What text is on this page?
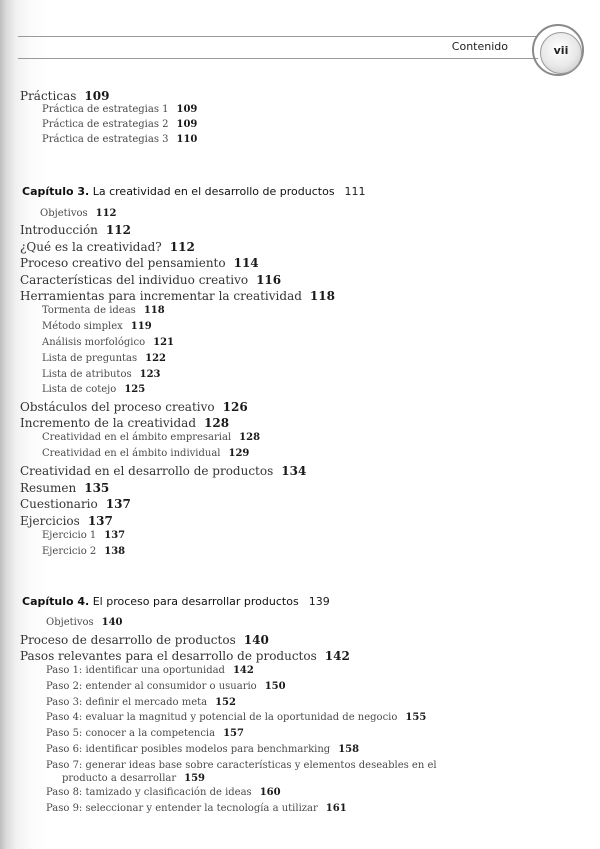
Contenido	vii
Prácticas 109
Práctica de estrategias 1 109
Práctica de estrategias 2 109
Práctica de estrategias 3 110
Capítulo 3. La creatividad en el desarrollo de productos 111
Objetivos 112
Introducción 112
¿Qué es la creatividad? 112
Proceso creativo del pensamiento 114
Características del individuo creativo 116
Herramientas para incrementar la creatividad 118
Tormenta de ideas 118
Método simplex 119
Análisis morfológico 121
Lista de preguntas 122
Lista de atributos 123
Lista de cotejo 125
Obstáculos del proceso creativo 126
Incremento de la creatividad 128
Creatividad en el ámbito empresarial 128
Creatividad en el ámbito individual 129
Creatividad en el desarrollo de productos 134
Resumen 135
Cuestionario 137
Ejercicios 137
Ejercicio 1 137
Ejercicio 2 138
Capítulo 4. El proceso para desarrollar productos 139
Objetivos 140
Proceso de desarrollo de productos 140
Pasos relevantes para el desarrollo de productos 142
Paso 1: identificar una oportunidad 142
Paso 2: entender al consumidor o usuario 150
Paso 3: definir el mercado meta 152
Paso 4: evaluar la magnitud y potencial de la oportunidad de negocio 155
Paso 5: conocer a la competencia 157
Paso 6: identificar posibles modelos para benchmarking 158
Paso 7: generar ideas base sobre características y elementos deseables en el
producto a desarrollar 159
Paso 8: tamizado y clasificación de ideas 160
Paso 9: seleccionar y entender la tecnología a utilizar 161
